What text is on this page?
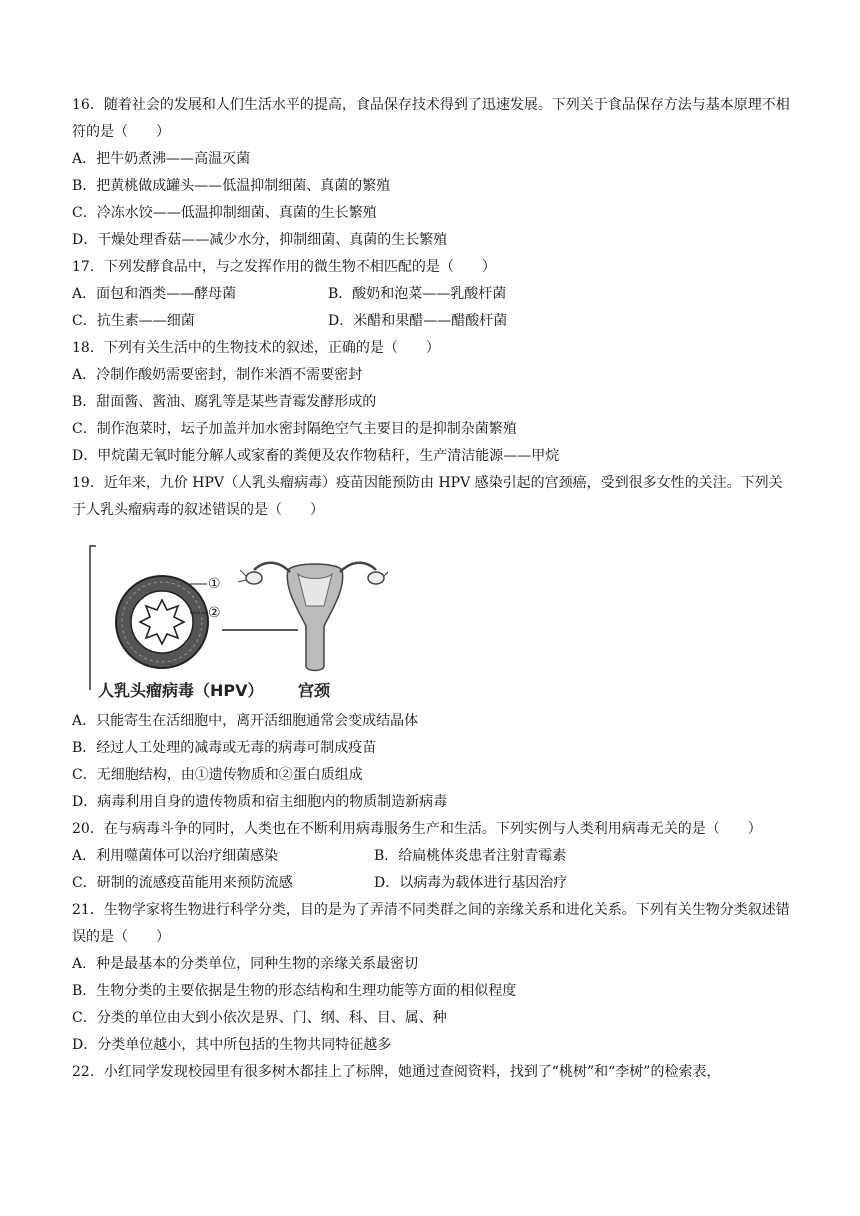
16．随着社会的发展和人们生活水平的提高，食品保存技术得到了迅速发展。下列关于食品保存方法与基本原理不相符的是（　　）
A．把牛奶煮沸——高温灭菌
B．把黄桃做成罐头——低温抑制细菌、真菌的繁殖
C．冷冻水饺——低温抑制细菌、真菌的生长繁殖
D．干燥处理香菇——减少水分，抑制细菌、真菌的生长繁殖
17．下列发酵食品中，与之发挥作用的微生物不相匹配的是（　　）
A．面包和酒类——酵母菌	B．酸奶和泡菜——乳酸杆菌
C．抗生素——细菌	D．米醋和果醋——醋酸杆菌
18．下列有关生活中的生物技术的叙述，正确的是（　　）
A．冷制作酸奶需要密封，制作米酒不需要密封
B．甜面酱、酱油、腐乳等是某些青霉发酵形成的
C．制作泡菜时，坛子加盖并加水密封隔绝空气主要目的是抑制杂菌繁殖
D．甲烷菌无氧时能分解人或家畜的粪便及农作物秸秆，生产清洁能源——甲烷
19．近年来，九价 HPV（人乳头瘤病毒）疫苗因能预防由 HPV 感染引起的宫颈癌，受到很多女性的关注。下列关于人乳头瘤病毒的叙述错误的是（　　）
①
②
人乳头瘤病毒（HPV） 宫颈
A．只能寄生在活细胞中，离开活细胞通常会变成结晶体
B．经过人工处理的减毒或无毒的病毒可制成疫苗
C．无细胞结构，由①遗传物质和②蛋白质组成
D．病毒利用自身的遗传物质和宿主细胞内的物质制造新病毒
20．在与病毒斗争的同时，人类也在不断利用病毒服务生产和生活。下列实例与人类利用病毒无关的是（　　）
A．利用噬菌体可以治疗细菌感染	B．给扁桃体炎患者注射青霉素
C．研制的流感疫苗能用来预防流感	D．以病毒为载体进行基因治疗
21．生物学家将生物进行科学分类，目的是为了弄清不同类群之间的亲缘关系和进化关系。下列有关生物分类叙述错误的是（　　）
A．种是最基本的分类单位，同种生物的亲缘关系最密切
B．生物分类的主要依据是生物的形态结构和生理功能等方面的相似程度
C．分类的单位由大到小依次是界、门、纲、科、目、属、种
D．分类单位越小，其中所包括的生物共同特征越多
22．小红同学发现校园里有很多树木都挂上了标牌，她通过查阅资料，找到了“桃树”和“李树”的检索表，
